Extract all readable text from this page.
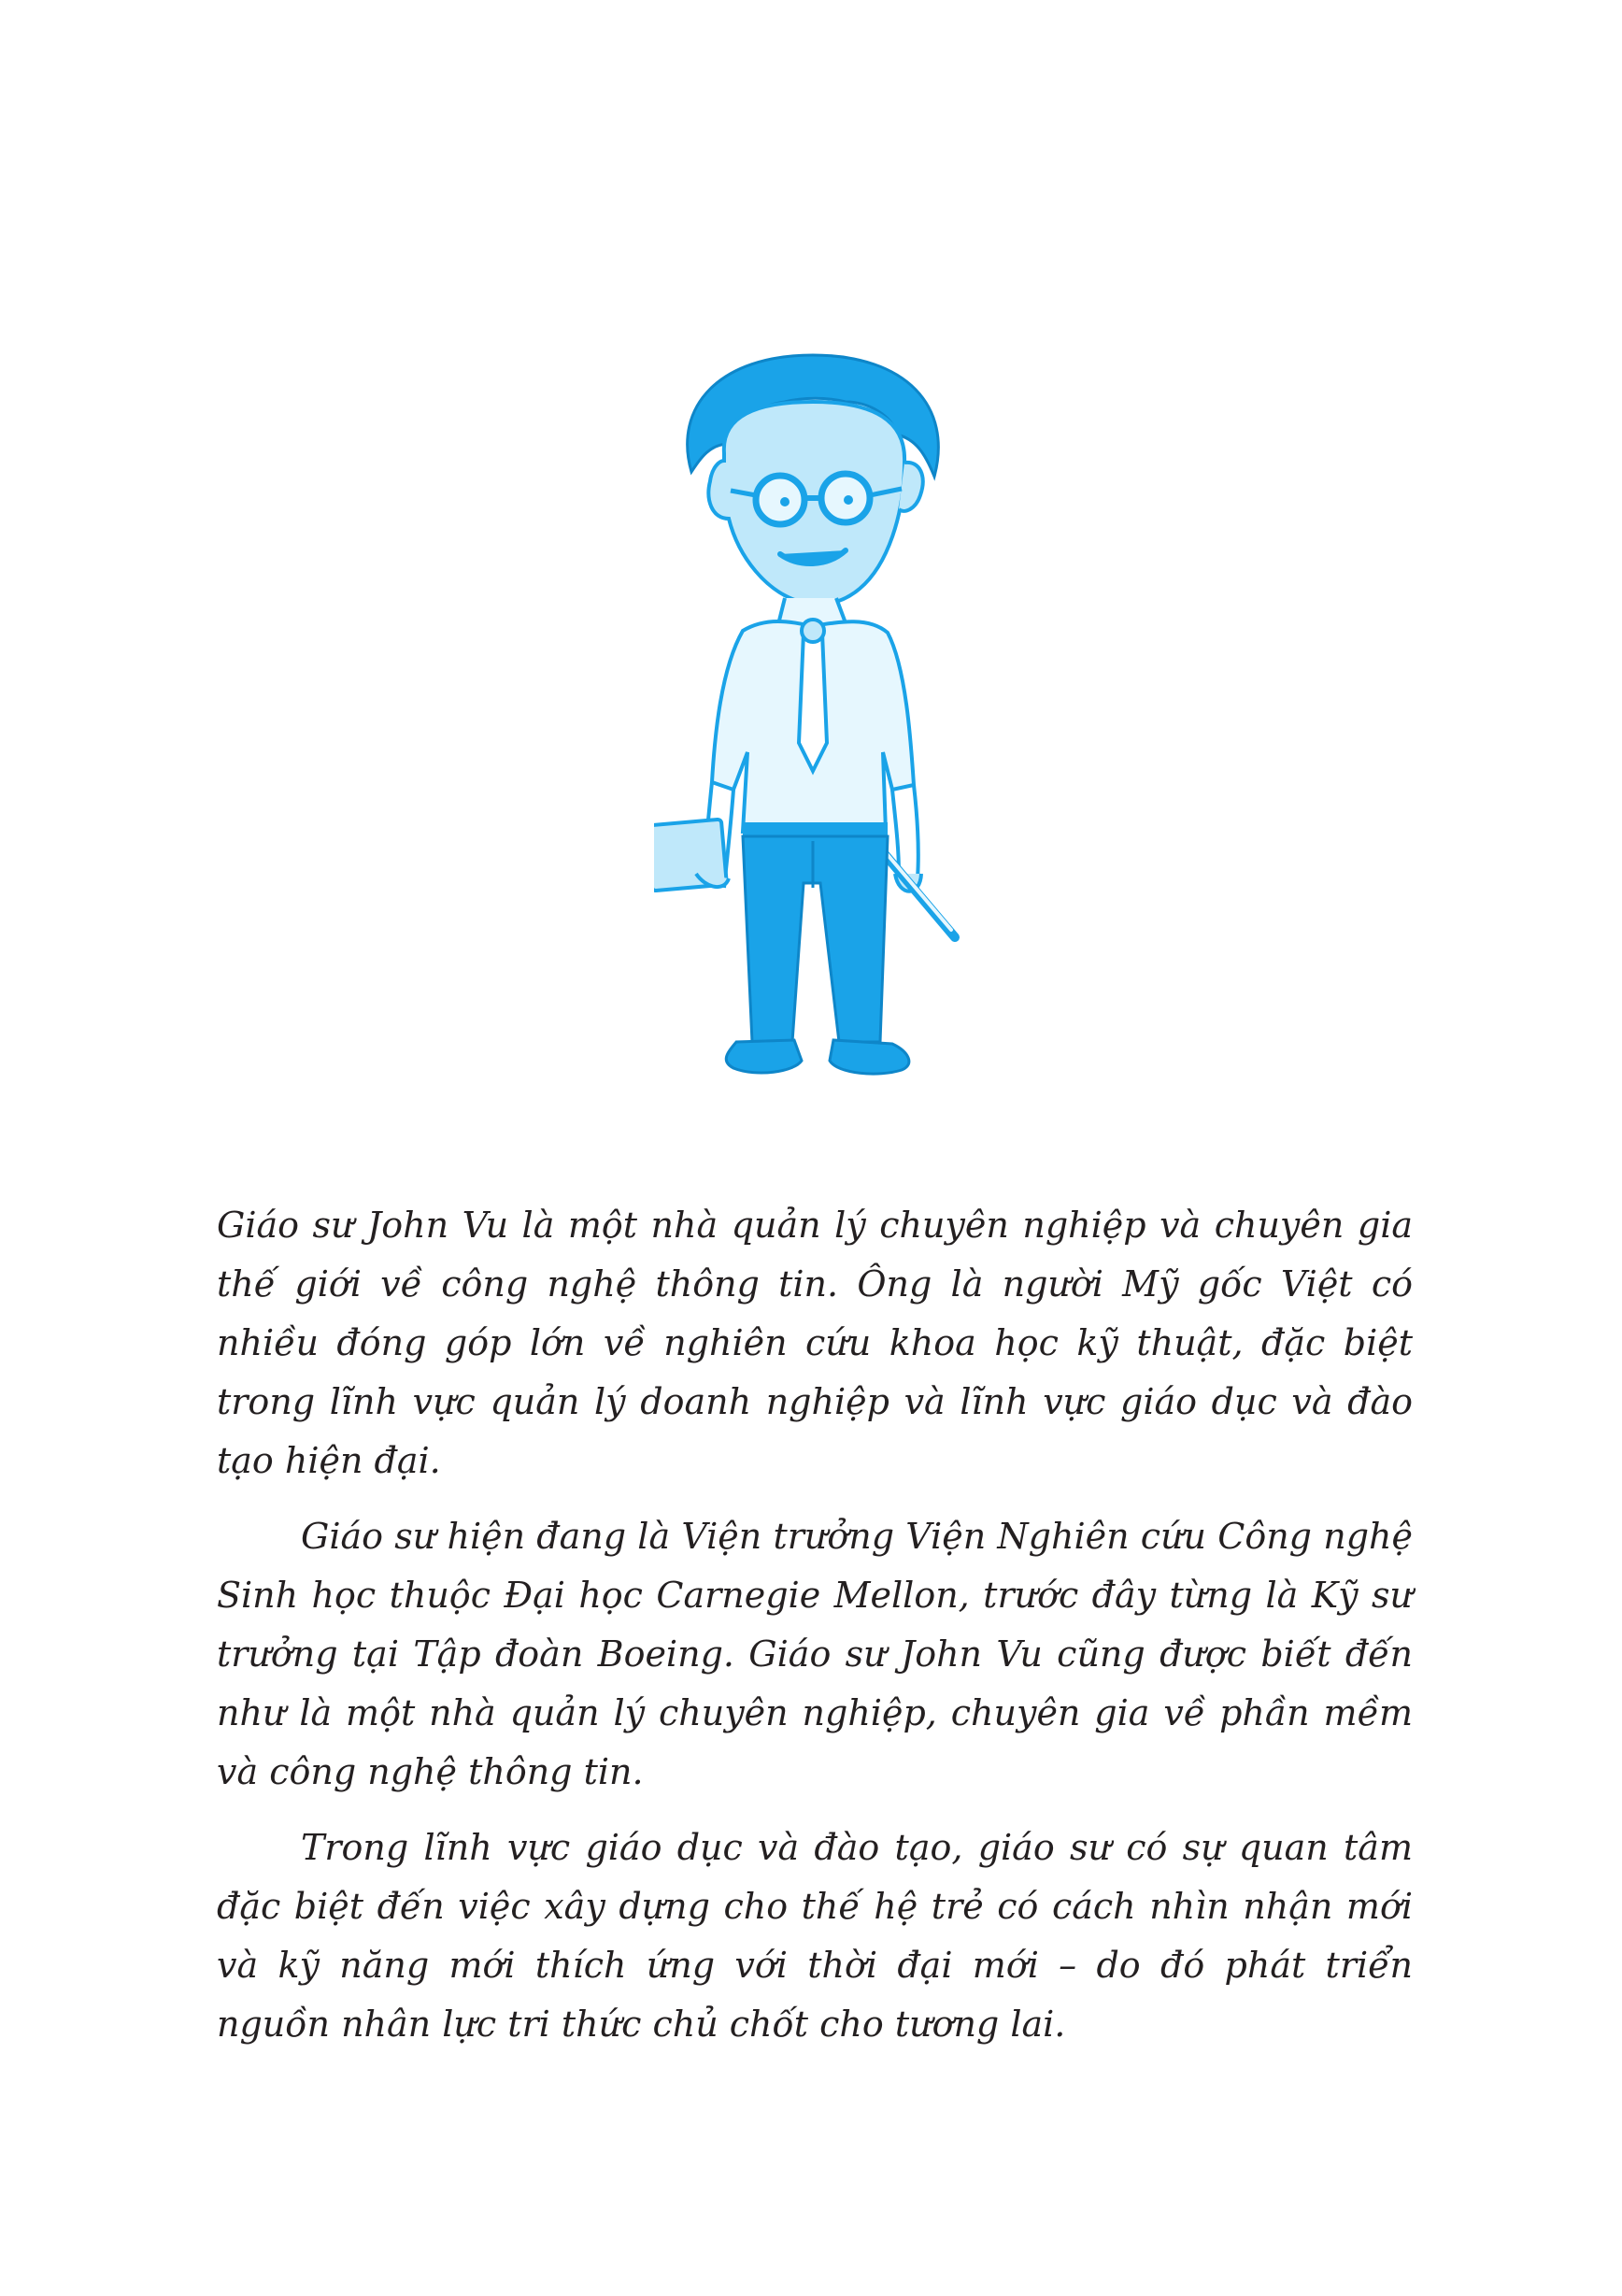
Giáo sư John Vu là một nhà quản lý chuyên nghiệp và chuyên gia thế giới về công nghệ thông tin. Ông là người Mỹ gốc Việt có nhiều đóng góp lớn về nghiên cứu khoa học kỹ thuật, đặc biệt trong lĩnh vực quản lý doanh nghiệp và lĩnh vực giáo dục và đào tạo hiện đại.

Giáo sư hiện đang là Viện trưởng Viện Nghiên cứu Công nghệ Sinh học thuộc Đại học Carnegie Mellon, trước đây từng là Kỹ sư trưởng tại Tập đoàn Boeing. Giáo sư John Vu cũng được biết đến như là một nhà quản lý chuyên nghiệp, chuyên gia về phần mềm và công nghệ thông tin.

Trong lĩnh vực giáo dục và đào tạo, giáo sư có sự quan tâm đặc biệt đến việc xây dựng cho thế hệ trẻ có cách nhìn nhận mới và kỹ năng mới thích ứng với thời đại mới – do đó phát triển nguồn nhân lực tri thức chủ chốt cho tương lai.
